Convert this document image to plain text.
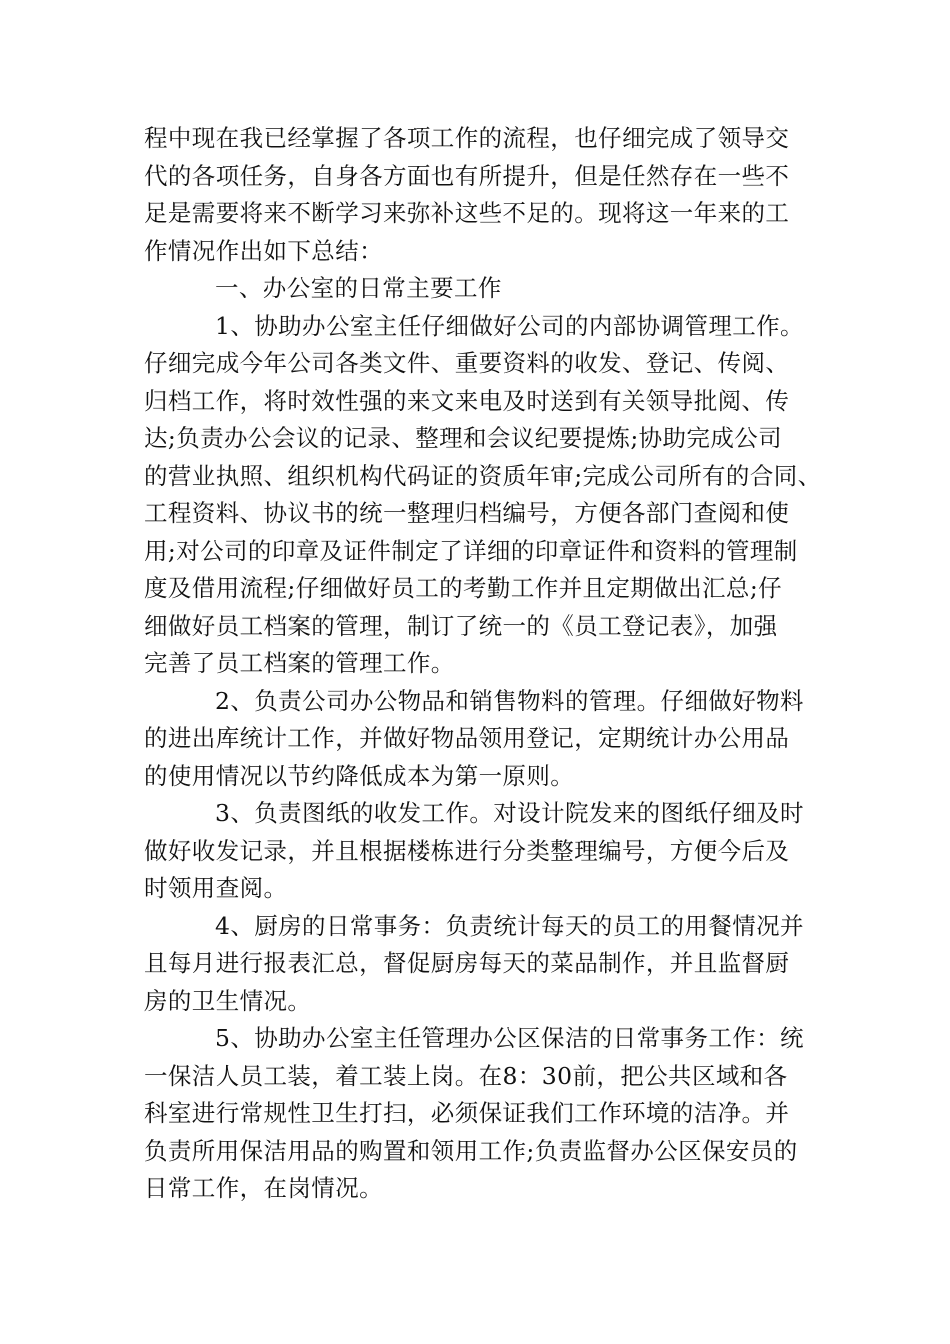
程中现在我已经掌握了各项工作的流程，也仔细完成了领导交
代的各项任务，自身各方面也有所提升，但是任然存在一些不
足是需要将来不断学习来弥补这些不足的。现将这一年来的工
作情况作出如下总结：

一、办公室的日常主要工作

1、协助办公室主任仔细做好公司的内部协调管理工作。
仔细完成今年公司各类文件、重要资料的收发、登记、传阅、
归档工作，将时效性强的来文来电及时送到有关领导批阅、传
达;负责办公会议的记录、整理和会议纪要提炼;协助完成公司
的营业执照、组织机构代码证的资质年审;完成公司所有的合同、
工程资料、协议书的统一整理归档编号，方便各部门查阅和使
用;对公司的印章及证件制定了详细的印章证件和资料的管理制
度及借用流程;仔细做好员工的考勤工作并且定期做出汇总;仔
细做好员工档案的管理，制订了统一的《员工登记表》，加强
完善了员工档案的管理工作。

2、负责公司办公物品和销售物料的管理。仔细做好物料
的进出库统计工作，并做好物品领用登记，定期统计办公用品
的使用情况以节约降低成本为第一原则。

3、负责图纸的收发工作。对设计院发来的图纸仔细及时
做好收发记录，并且根据楼栋进行分类整理编号，方便今后及
时领用查阅。

4、厨房的日常事务：负责统计每天的员工的用餐情况并
且每月进行报表汇总，督促厨房每天的菜品制作，并且监督厨
房的卫生情况。

5、协助办公室主任管理办公区保洁的日常事务工作：统
一保洁人员工装，着工装上岗。在8：30前，把公共区域和各
科室进行常规性卫生打扫，必须保证我们工作环境的洁净。并
负责所用保洁用品的购置和领用工作;负责监督办公区保安员的
日常工作，在岗情况。
